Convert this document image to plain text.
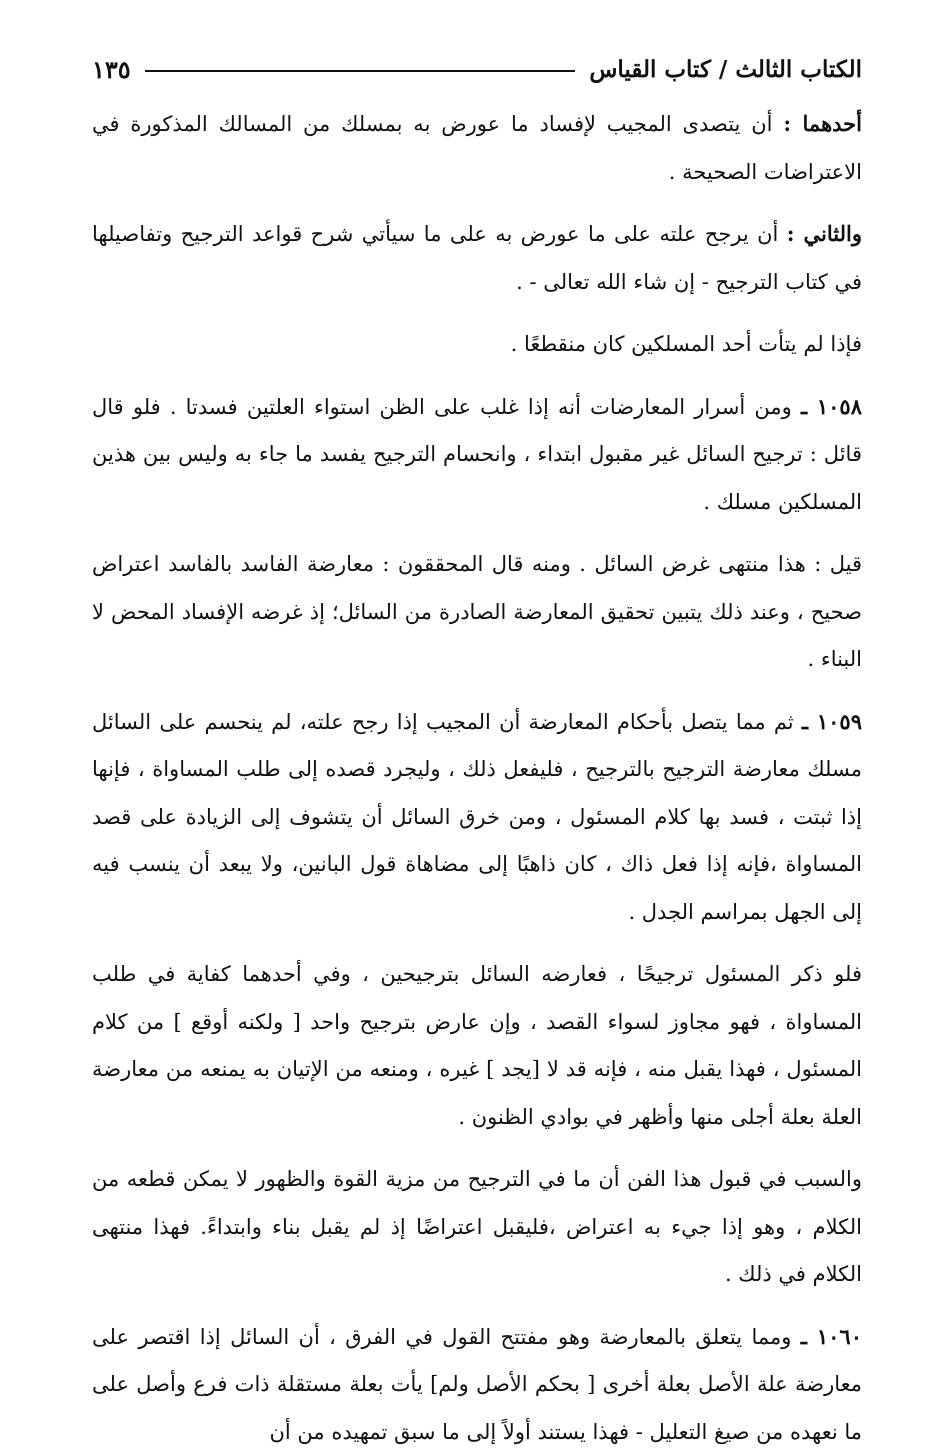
الكتاب الثالث / كتاب القياس
١٣٥

أحدهما : أن يتصدى المجيب لإفساد ما عورض به بمسلك من المسالك المذكورة في الاعتراضات الصحيحة .

والثاني : أن يرجح علته على ما عورض به على ما سيأتي شرح قواعد الترجيح وتفاصيلها في كتاب الترجيح - إن شاء الله تعالى - .

فإذا لم يتأت أحد المسلكين كان منقطعًا .

١٠٥٨ ـ ومن أسرار المعارضات أنه إذا غلب على الظن استواء العلتين فسدتا . فلو قال قائل : ترجيح السائل غير مقبول ابتداء ، وانحسام الترجيح يفسد ما جاء به وليس بين هذين المسلكين مسلك .

قيل : هذا منتهى غرض السائل . ومنه قال المحققون : معارضة الفاسد بالفاسد اعتراض صحيح ، وعند ذلك يتبين تحقيق المعارضة الصادرة من السائل؛ إذ غرضه الإفساد المحض لا البناء .

١٠٥٩ ـ ثم مما يتصل بأحكام المعارضة أن المجيب إذا رجح علته، لم ينحسم على السائل مسلك معارضة الترجيح بالترجيح ، فليفعل ذلك ، وليجرد قصده إلى طلب المساواة ، فإنها إذا ثبتت ، فسد بها كلام المسئول ، ومن خرق السائل أن يتشوف إلى الزيادة على قصد المساواة ،فإنه إذا فعل ذاك ، كان ذاهبًا إلى مضاهاة قول البانين، ولا يبعد أن ينسب فيه إلى الجهل بمراسم الجدل .

فلو ذكر المسئول ترجيحًا ، فعارضه السائل بترجيحين ، وفي أحدهما كفاية في طلب المساواة ، فهو مجاوز لسواء القصد ، وإن عارض بترجيح واحد [ ولكنه أوقع ] من كلام المسئول ، فهذا يقبل منه ، فإنه قد لا [يجد ] غيره ، ومنعه من الإتيان به يمنعه من معارضة العلة بعلة أجلى منها وأظهر في بوادي الظنون .

والسبب في قبول هذا الفن أن ما في الترجيح من مزية القوة والظهور لا يمكن قطعه من الكلام ، وهو إذا جيء به اعتراض ،فليقبل اعتراضًا إذ لم يقبل بناء وابتداءً. فهذا منتهى الكلام في ذلك .

١٠٦٠ ـ ومما يتعلق بالمعارضة وهو مفتتح القول في الفرق ، أن السائل إذا اقتصر على معارضة علة الأصل بعلة أخرى [ بحكم الأصل ولم] يأت بعلة مستقلة ذات فرع وأصل على ما نعهده من صيغ التعليل - فهذا يستند أولاً إلى ما سبق تمهيده من أن
